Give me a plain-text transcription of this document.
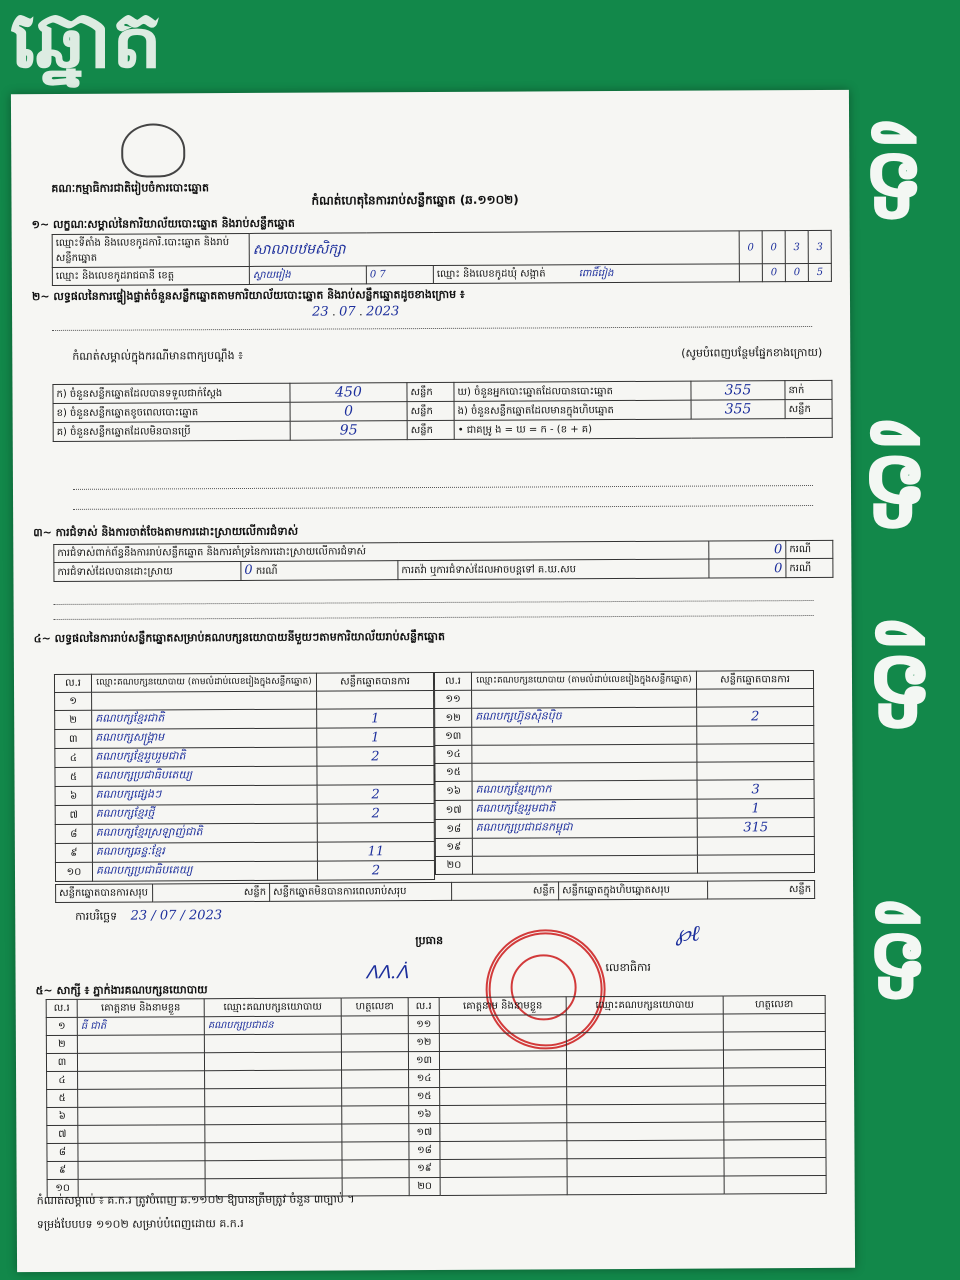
ឆ្នោត
ទិ
ទិ
ទិ
ទិ
គណៈកម្មាធិការជាតិរៀបចំការបោះឆ្នោត
កំណត់ហេតុនៃការរាប់សន្លឹកឆ្នោត (ឆ.១១០២)
១~ លក្ខណៈសម្គាល់នៃការិយាល័យបោះឆ្នោត និងរាប់សន្លឹកឆ្នោត
ឈ្មោះទីតាំង និងលេខកូដការិ.បោះឆ្នោត និងរាប់សន្លឹកឆ្នោត	សាលាបឋមសិក្សា			0	0	3	3
ឈ្មោះ និងលេខកូដរាជធានី ខេត្ត	ស្វាយរៀង	0 7	ឈ្មោះ និងលេខកូដឃុំ សង្កាត់ ពោធិ៍រៀង		0	0	5
២~ លទ្ធផលនៃការផ្ទៀងផ្ទាត់ចំនួនសន្លឹកឆ្នោតតាមការិយាល័យបោះឆ្នោត និងរាប់សន្លឹកឆ្នោតដូចខាងក្រោម ៖
23 . 07 . 2023
កំណត់សម្គាល់ក្នុងករណីមានពាក្យបណ្តឹង ៖	(សូមបំពេញបន្ថែមផ្នែកខាងក្រោយ)
ក) ចំនួនសន្លឹកឆ្នោតដែលបានទទួលជាក់ស្តែង	450	សន្លឹក	ឃ) ចំនួនអ្នកបោះឆ្នោតដែលបានបោះឆ្នោត	355	នាក់
ខ) ចំនួនសន្លឹកឆ្នោតខូចពេលបោះឆ្នោត	0	សន្លឹក	ង) ចំនួនសន្លឹកឆ្នោតដែលមានក្នុងហិបឆ្នោត	355	សន្លឹក
គ) ចំនួនសន្លឹកឆ្នោតដែលមិនបានប្រើ	95	សន្លឹក	• ជាគម្រូ ង = ឃ = ក - (ខ + គ)		
៣~ ការជំទាស់ និងការចាត់ចែងតាមការដោះស្រាយលើការជំទាស់
ការជំទាស់ពាក់ព័ន្ធនឹងការរាប់សន្លឹកឆ្នោត និងការគាំទ្រនៃការដោះស្រាយលើការជំទាស់			0	ករណី
ការជំទាស់ដែលបានដោះស្រាយ	0 ករណី	ការតវ៉ា ឬការជំទាស់ដែលអាចបន្តទៅ គ.ឃ.សប	0	ករណី
៤~ លទ្ធផលនៃការរាប់សន្លឹកឆ្នោតសម្រាប់គណបក្សនយោបាយនីមួយៗតាមការិយាល័យរាប់សន្លឹកឆ្នោត
ល.រ	ឈ្មោះគណបក្សនយោបាយ (តាមលំដាប់លេខរៀងក្នុងសន្លឹកឆ្នោត)	សន្លឹកឆ្នោតបានការ
១		
២	គណបក្សខ្មែរជាតិ	1
៣	គណបក្សសង្គ្រាម	1
៤	គណបក្សខ្មែររួបរួមជាតិ	2
៥	គណបក្សប្រជាធិបតេយ្យ	
៦	គណបក្សផ្សេងៗ	2
៧	គណបក្សខ្មែរថ្មី	2
៨	គណបក្សខ្មែរស្រឡាញ់ជាតិ	
៩	គណបក្សឆន្ទៈខ្មែរ	11
១០	គណបក្សប្រជាធិបតេយ្យ	2
ល.រ	ឈ្មោះគណបក្សនយោបាយ (តាមលំដាប់លេខរៀងក្នុងសន្លឹកឆ្នោត)	សន្លឹកឆ្នោតបានការ
១១		
១២	គណបក្សហ៊្វុនស៊ិនប៉ិច	2
១៣		
១៤		
១៥		
១៦	គណបក្សខ្មែរក្រោក	3
១៧	គណបក្សខ្មែររួមជាតិ	1
១៨	គណបក្សប្រជាជនកម្ពុជា	315
១៩		
២០		
សន្លឹកឆ្នោតបានការសរុប	សន្លឹក	សន្លឹកឆ្នោតមិនបានការពេលរាប់សរុប	សន្លឹក	សន្លឹកឆ្នោតក្នុងហិបឆ្នោតសរុប	សន្លឹក
ការបរិច្ឆេទ 23 / 07 / 2023
ប្រធាន
លេខាធិការ
ᐱᐱ.ᐲ
℘ℓ
៥~ សាក្សី ៖ ភ្នាក់ងារគណបក្សនយោបាយ
ល.រ	គោត្តនាម និងនាមខ្លួន	ឈ្មោះគណបក្សនយោបាយ	ហត្ថលេខា	ល.រ	គោត្តនាម និងនាមខ្លួន	ឈ្មោះគណបក្សនយោបាយ	ហត្ថលេខា
១	ធី ជាតិ	គណបក្សប្រជាជន		១១			
២				១២			
៣				១៣			
៤				១៤			
៥				១៥			
៦				១៦			
៧				១៧			
៨				១៨			
៩				១៩			
១០				២០			
កំណត់សម្គាល់ ៖ គ.ក.រ ត្រូវបំពេញ ឆ.១១០២ ឱ្យបានត្រឹមត្រូវ ចំនួន ៣ច្បាប់ ។
ទម្រង់បែបបទ ១១០២ សម្រាប់បំពេញដោយ គ.ក.រ
